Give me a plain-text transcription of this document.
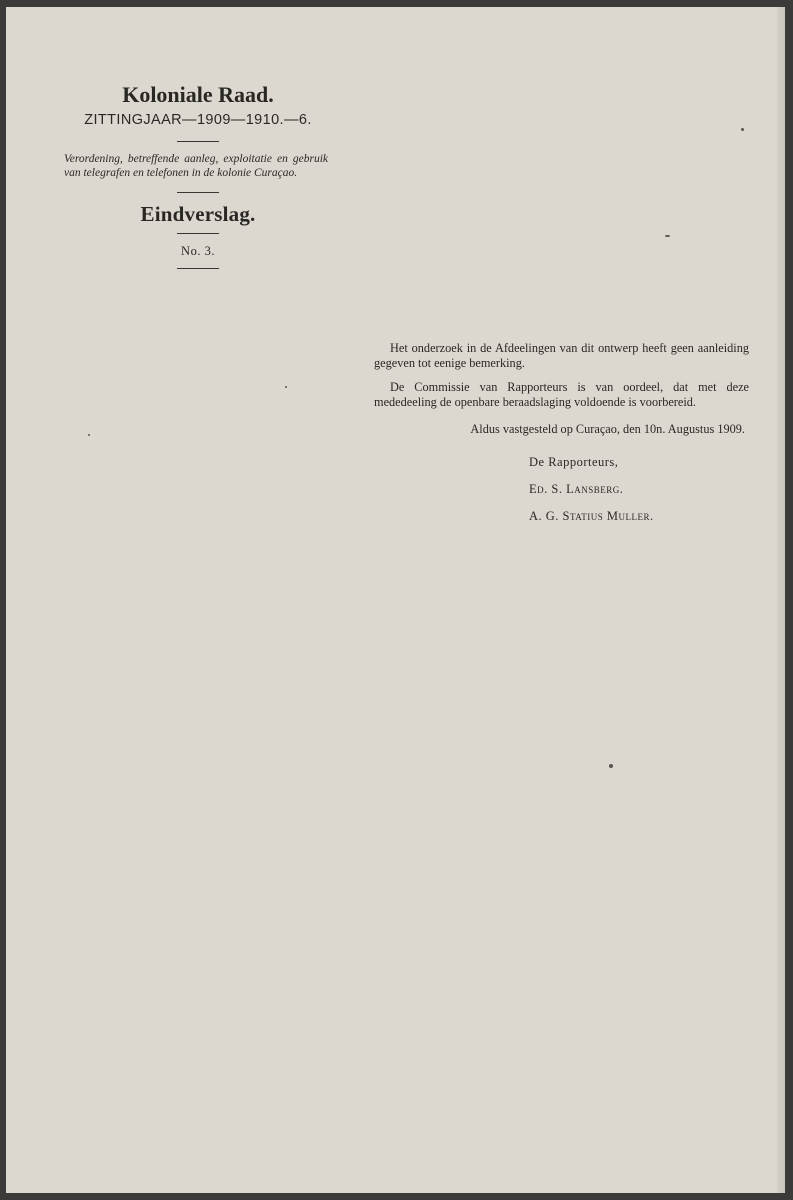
Koloniale Raad.

ZITTINGJAAR—1909—1910.—6.

Verordening, betreffende aanleg, exploitatie en gebruik van telegrafen en telefonen in de kolonie Curaçao.

Eindverslag.

No. 3.

Het onderzoek in de Afdeelingen van dit ontwerp heeft geen aanleiding gegeven tot eenige bemerking.

De Commissie van Rapporteurs is van oordeel, dat met deze mededeeling de openbare beraadslaging voldoende is voorbereid.

Aldus vastgesteld op Curaçao, den 10n. Augustus 1909.

De Rapporteurs,

Ed. S. Lansberg.

A. G. Statius Muller.
